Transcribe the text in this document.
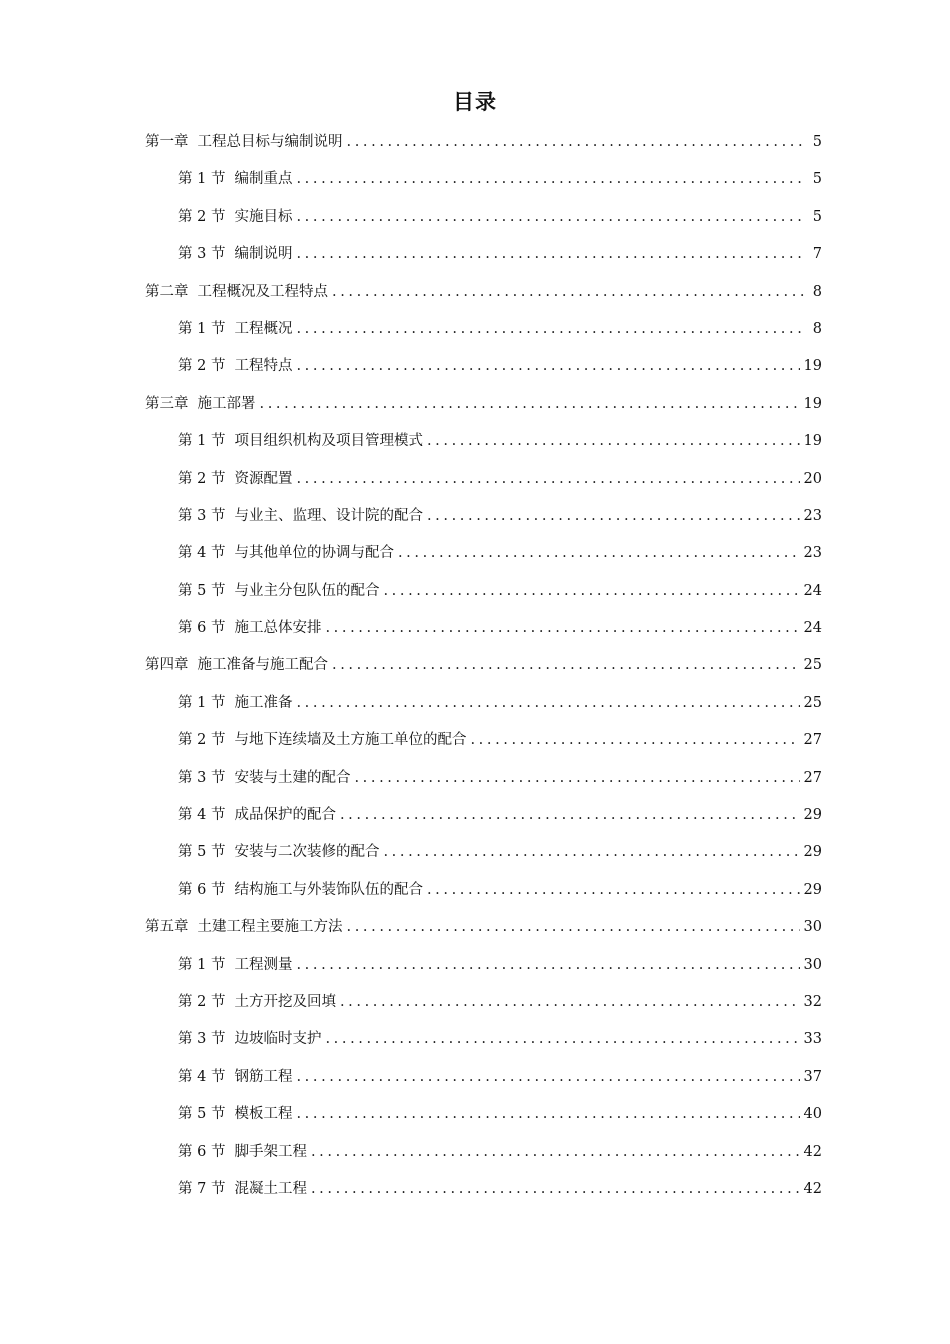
目录
第一章 工程总目标与编制说明 .....	5
第 1 节 编制重点 .....	5
第 2 节 实施目标 .....	5
第 3 节 编制说明 .....	7
第二章 工程概况及工程特点 .....	8
第 1 节 工程概况 .....	8
第 2 节 工程特点 .....	19
第三章 施工部署 .....	19
第 1 节 项目组织机构及项目管理模式 .....	19
第 2 节 资源配置 .....	20
第 3 节 与业主、监理、设计院的配合 .....	23
第 4 节 与其他单位的协调与配合 .....	23
第 5 节 与业主分包队伍的配合 .....	24
第 6 节 施工总体安排 .....	24
第四章 施工准备与施工配合 .....	25
第 1 节 施工准备 .....	25
第 2 节 与地下连续墙及土方施工单位的配合 .....	27
第 3 节 安装与土建的配合 .....	27
第 4 节 成品保护的配合 .....	29
第 5 节 安装与二次装修的配合 .....	29
第 6 节 结构施工与外装饰队伍的配合 .....	29
第五章 土建工程主要施工方法 .....	30
第 1 节 工程测量 .....	30
第 2 节 土方开挖及回填 .....	32
第 3 节 边坡临时支护 .....	33
第 4 节 钢筋工程 .....	37
第 5 节 模板工程 .....	40
第 6 节 脚手架工程 .....	42
第 7 节 混凝土工程 .....	42
